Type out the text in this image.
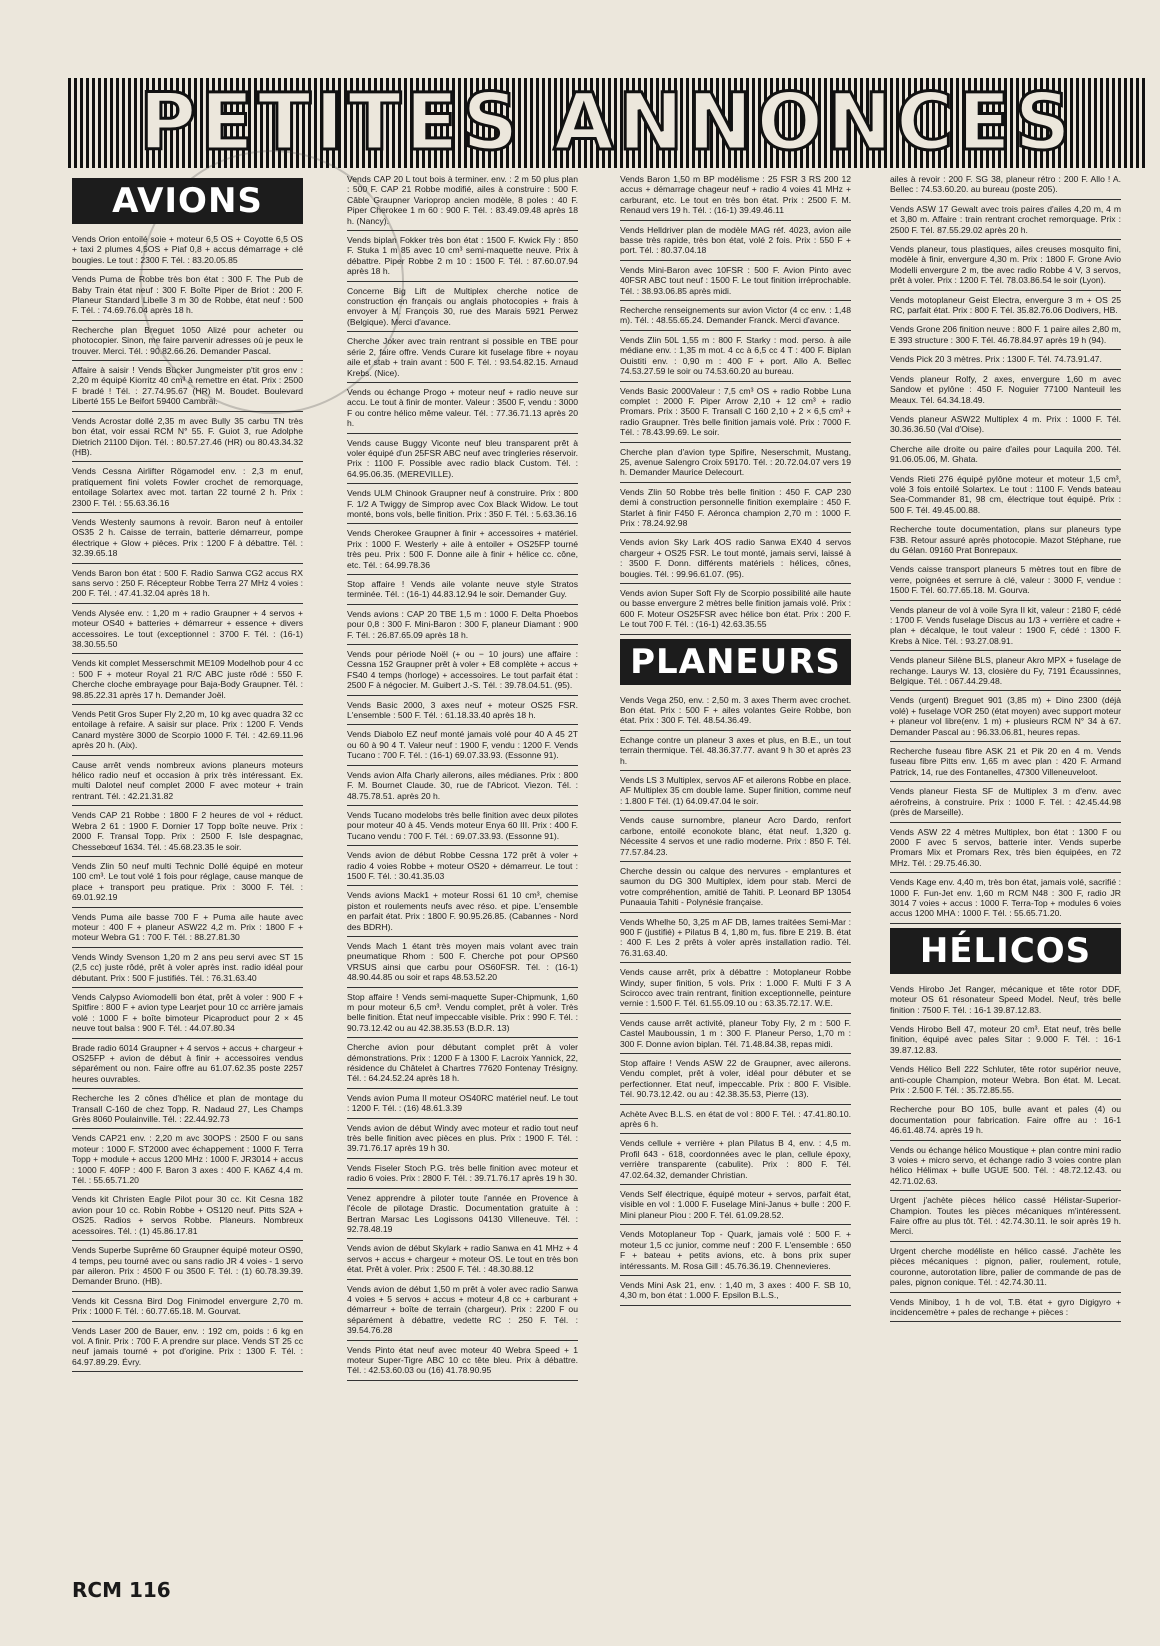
PETITES ANNONCES
AVIONS

Vends Orion entoilé soie + moteur 6,5 OS + Coyotte 6,5 OS + taxi 2 plumes 4,5OS + Piaf 0,8 + accus démarrage + clé bougies. Le tout : 2300 F. Tél. : 83.20.05.85

Vends Puma de Robbe très bon état : 300 F. The Pub de Baby Train état neuf : 300 F. Boîte Piper de Briot : 200 F. Planeur Standard Libelle 3 m 30 de Robbe, état neuf : 500 F. Tél. : 74.69.76.04 après 18 h.

Recherche plan Breguet 1050 Alizé pour acheter ou photocopier. Sinon, me faire parvenir adresses où je peux le trouver. Merci. Tél. : 90.82.66.26. Demander Pascal.

Affaire à saisir ! Vends Bücker Jungmeister p'tit gros env : 2,20 m équipé Kiorritz 40 cm³ à remettre en état. Prix : 2500 F bradé ! Tél. : 27.74.95.67 (HR) M. Boudet. Boulevard Liberté 155 Le Beifort 59400 Cambrai.

Vends Acrostar dollé 2,35 m avec Bully 35 carbu TN très bon état, voir essai RCM N° 55. F. Guiot 3, rue Adolphe Dietrich 21100 Dijon. Tél. : 80.57.27.46 (HR) ou 80.43.34.32 (HB).

Vends Cessna Airlifter Rögamodel env. : 2,3 m enuf, pratiquement fini volets Fowler crochet de remorquage, entoilage Solartex avec mot. tartan 22 tourné 2 h. Prix : 2300 F. Tél. : 55.63.36.16

Vends Westenly saumons à revoir. Baron neuf à entoiler OS35 2 h. Caisse de terrain, batterie démarreur, pompe électrique + Glow + pièces. Prix : 1200 F à débattre. Tél. : 32.39.65.18

Vends Baron bon état : 500 F. Radio Sanwa CG2 accus RX sans servo : 250 F. Récepteur Robbe Terra 27 MHz 4 voies : 200 F. Tél. : 47.41.32.04 après 18 h.

Vends Alysée env. : 1,20 m + radio Graupner + 4 servos + moteur OS40 + batteries + démarreur + essence + divers accessoires. Le tout (exceptionnel : 3700 F. Tél. : (16-1) 38.30.55.50

Vends kit complet Messerschmit ME109 Modelhob pour 4 cc : 500 F + moteur Royal 21 R/C ABC juste rôdé : 550 F. Cherche cloche embrayage pour Baja-Body Graupner. Tél. : 98.85.22.31 après 17 h. Demander Joël.

Vends Petit Gros Super Fly 2,20 m, 10 kg avec quadra 32 cc entoilage à refaire. A saisir sur place. Prix : 1200 F. Vends Canard mystère 3000 de Scorpio 1000 F. Tél. : 42.69.11.96 après 20 h. (Aix).

Cause arrêt vends nombreux avions planeurs moteurs hélico radio neuf et occasion à prix très intéressant. Ex. multi Dalotel neuf complet 2000 F avec moteur + train rentrant. Tél. : 42.21.31.82

Vends CAP 21 Robbe : 1800 F 2 heures de vol + réduct. Webra 2 61 : 1900 F. Dornier 17 Topp boîte neuve. Prix : 2000 F. Transal Topp. Prix : 2500 F. Isle despagnac, Chessebœuf 1634. Tél. : 45.68.23.35 le soir.

Vends Zlin 50 neuf multi Technic Dollé équipé en moteur 100 cm³. Le tout volé 1 fois pour réglage, cause manque de place + transport peu pratique. Prix : 3000 F. Tél. : 69.01.92.19

Vends Puma aile basse 700 F + Puma aile haute avec moteur : 400 F + planeur ASW22 4,2 m. Prix : 1800 F + moteur Webra G1 : 700 F. Tél. : 88.27.81.30

Vends Windy Svenson 1,20 m 2 ans peu servi avec ST 15 (2,5 cc) juste rôdé, prêt à voler après inst. radio idéal pour débutant. Prix : 500 F justifiés. Tél. : 76.31.63.40

Vends Calypso Aviomodelli bon état, prêt à voler : 900 F + Spitfire : 800 F + avion type Learjet pour 10 cc arrière jamais volé : 1000 F + boîte bimoteur Picaproduct pour 2 × 45 neuve tout balsa : 900 F. Tél. : 44.07.80.34

Brade radio 6014 Graupner + 4 servos + accus + chargeur + OS25FP + avion de début à finir + accessoires vendus séparément ou non. Faire offre au 61.07.62.35 poste 2257 heures ouvrables.

Recherche les 2 cônes d'hélice et plan de montage du Transall C-160 de chez Topp. R. Nadaud 27, Les Champs Grès 8060 Poulainville. Tél. : 22.44.92.73

Vends CAP21 env. : 2,20 m avc 30OPS : 2500 F ou sans moteur : 1000 F. ST2000 avec échappement : 1000 F. Terra Topp + module + accus 1200 MHz : 1000 F. JR3014 + accus : 1000 F. 40FP : 400 F. Baron 3 axes : 400 F. KA6Z 4,4 m. Tél. : 55.65.71.20

Vends kit Christen Eagle Pilot pour 30 cc. Kit Cesna 182 avion pour 10 cc. Robin Robbe + OS120 neuf. Pitts S2A + OS25. Radios + servos Robbe. Planeurs. Nombreux acessoires. Tél. : (1) 45.86.17.81

Vends Superbe Suprême 60 Graupner équipé moteur OS90, 4 temps, peu tourné avec ou sans radio JR 4 voies - 1 servo par aileron. Prix : 4500 F ou 3500 F. Tél. : (1) 60.78.39.39. Demander Bruno. (HB).

Vends kit Cessna Bird Dog Finimodel envergure 2,70 m. Prix : 1000 F. Tél. : 60.77.65.18. M. Gourvat.

Vends Laser 200 de Bauer, env. : 192 cm, poids : 6 kg en vol. A finir. Prix : 700 F. A prendre sur place. Vends ST 25 cc neuf jamais tourné + pot d'origine. Prix : 1300 F. Tél. : 64.97.89.29. Évry.

Vends CAP 20 L tout bois à terminer. env. : 2 m 50 plus plan : 500 F. CAP 21 Robbe modifié, ailes à construire : 500 F. Câble Graupner Varioprop ancien modèle, 8 poles : 40 F. Piper Cherokee 1 m 60 : 900 F. Tél. : 83.49.09.48 après 18 h. (Nancy).

Vends biplan Fokker très bon état : 1500 F. Kwick Fly : 850 F. Stuka 1 m 85 avec 10 cm³ semi-maquette neuve. Prix à débattre. Piper Robbe 2 m 10 : 1500 F. Tél. : 87.60.07.94 après 18 h.

Concerne Big Lift de Multiplex cherche notice de construction en français ou anglais photocopies + frais à envoyer à M. François 30, rue des Marais 5921 Perwez (Belgique). Merci d'avance.

Cherche Joker avec train rentrant si possible en TBE pour série 2, faire offre. Vends Curare kit fuselage fibre + noyau aile et stab + train avant : 500 F. Tél. : 93.54.82.15. Arnaud Krebs. (Nice).

Vends ou échange Progo + moteur neuf + radio neuve sur accu. Le tout à finir de monter. Valeur : 3500 F, vendu : 3000 F ou contre hélico même valeur. Tél. : 77.36.71.13 après 20 h.

Vends cause Buggy Viconte neuf bleu transparent prêt à voler équipé d'un 25FSR ABC neuf avec tringleries réservoir. Prix : 1100 F. Possible avec radio black Custom. Tél. : 64.95.06.35. (MEREVILLE).

Vends ULM Chinook Graupner neuf à construire. Prix : 800 F. 1/2 A Twiggy de Simprop avec Cox Black Widow. Le tout monté, bons vols, belle finition. Prix : 350 F. Tél. : 5.63.36.16

Vends Cherokee Graupner à finir + accessoires + matériel. Prix : 1000 F. Westerly + aile à entoiler + OS25FP tourné très peu. Prix : 500 F. Donne aile à finir + hélice cc. cône, etc. Tél. : 64.99.78.36

Stop affaire ! Vends aile volante neuve style Stratos terminée. Tél. : (16-1) 44.83.12.94 le soir. Demander Guy.

Vends avions : CAP 20 TBE 1,5 m : 1000 F. Delta Phoebos pour 0,8 : 300 F. Mini-Baron : 300 F, planeur Diamant : 900 F. Tél. : 26.87.65.09 après 18 h.

Vends pour période Noël (+ ou − 10 jours) une affaire : Cessna 152 Graupner prêt à voler + E8 complète + accus + FS40 4 temps (horloge) + accessoires. Le tout parfait état : 2500 F à négocier. M. Guibert J.-S. Tél. : 39.78.04.51. (95).

Vends Basic 2000, 3 axes neuf + moteur OS25 FSR. L'ensemble : 500 F. Tél. : 61.18.33.40 après 18 h.

Vends Diabolo EZ neuf monté jamais volé pour 40 A 45 2T ou 60 à 90 4 T. Valeur neuf : 1900 F, vendu : 1200 F. Vends Tucano : 700 F. Tél. : (16-1) 69.07.33.93. (Essonne 91).

Vends avion Alfa Charly ailerons, ailes médianes. Prix : 800 F. M. Bournet Claude. 30, rue de l'Abricot. Viezon. Tél. : 48.75.78.51. après 20 h.

Vends Tucano modelobs très belle finition avec deux pilotes pour moteur 40 à 45. Vends moteur Enya 60 III. Prix : 400 F. Tucano vendu : 700 F. Tél. : 69.07.33.93. (Essonne 91).

Vends avion de début Robbe Cessna 172 prêt à voler + radio 4 voies Robbe + moteur OS20 + démarreur. Le tout : 1500 F. Tél. : 30.41.35.03

Vends avions Mack1 + moteur Rossi 61 10 cm³, chemise piston et roulements neufs avec réso. et pipe. L'ensemble en parfait état. Prix : 1800 F. 90.95.26.85. (Cabannes - Nord des BDRH).

Vends Mach 1 étant très moyen mais volant avec train pneumatique Rhom : 500 F. Cherche pot pour OPS60 VRSUS ainsi que carbu pour OS60FSR. Tél. : (16-1) 48.90.44.85 ou soir et raps 48.53.52.20

Stop affaire ! Vends semi-maquette Super-Chipmunk, 1,60 m pour moteur 6,5 cm³. Vendu complet, prêt à voler. Très belle finition. État neuf impeccable visible. Prix : 990 F. Tél. : 90.73.12.42 ou au 42.38.35.53 (B.D.R. 13)

Cherche avion pour débutant complet prêt à voler démonstrations. Prix : 1200 F à 1300 F. Lacroix Yannick, 22, résidence du Châtelet à Chartres 77620 Fontenay Trésigny. Tél. : 64.24.52.24 après 18 h.

Vends avion Puma II moteur OS40RC matériel neuf. Le tout : 1200 F. Tél. : (16) 48.61.3.39

Vends avion de début Windy avec moteur et radio tout neuf très belle finition avec pièces en plus. Prix : 1900 F. Tél. : 39.71.76.17 après 19 h 30.

Vends Fiseler Stoch P.G. très belle finition avec moteur et radio 6 voies. Prix : 2800 F. Tél. : 39.71.76.17 après 19 h 30.

Venez apprendre à piloter toute l'année en Provence à l'école de pilotage Drastic. Documentation gratuite à : Bertran Marsac Les Logissons 04130 Villeneuve. Tél. : 92.78.48.19

Vends avion de début Skylark + radio Sanwa en 41 MHz + 4 servos + accus + chargeur + moteur OS. Le tout en très bon état. Prêt à voler. Prix : 2500 F. Tél. : 48.30.88.12

Vends avion de début 1,50 m prêt à voler avec radio Sanwa 4 voies + 5 servos + accus + moteur 4,8 cc + carburant + démarreur + boîte de terrain (chargeur). Prix : 2200 F ou séparément à débattre, vedette RC : 250 F. Tél. : 39.54.76.28

Vends Pinto état neuf avec moteur 40 Webra Speed + 1 moteur Super-Tigre ABC 10 cc tête bleu. Prix à débattre. Tél. : 42.53.60.03 ou (16) 41.78.90.95

Vends Baron 1,50 m BP modélisme : 25 FSR 3 RS 200 12 accus + démarrage chageur neuf + radio 4 voies 41 MHz + carburant, etc. Le tout en très bon état. Prix : 2500 F. M. Renaud vers 19 h. Tél. : (16-1) 39.49.46.11

Vends Helldriver plan de modèle MAG réf. 4023, avion aile basse très rapide, très bon état, volé 2 fois. Prix : 550 F + port. Tél. : 80.37.04.18

Vends Mini-Baron avec 10FSR : 500 F. Avion Pinto avec 40FSR ABC tout neuf : 1500 F. Le tout finition irréprochable. Tél. : 38.93.06.85 après midi.

Recherche renseignements sur avion Victor (4 cc env. : 1,48 m). Tél. : 48.55.65.24. Demander Franck. Merci d'avance.

Vends Zlin 50L 1,55 m : 800 F. Starky : mod. perso. à aile médiane env. : 1,35 m mot. 4 cc à 6,5 cc 4 T : 400 F. Biplan Ouistiti env. : 0,90 m : 400 F + port. Allo A. Bellec 74.53.27.59 le soir ou 74.53.60.20 au bureau.

Vends Basic 2000Valeur : 7,5 cm³ OS + radio Robbe Luna complet : 2000 F. Piper Arrow 2,10 + 12 cm³ + radio Promars. Prix : 3500 F. Transall C 160 2,10 + 2 × 6,5 cm³ + radio Graupner. Très belle finition jamais volé. Prix : 7000 F. Tél. : 78.43.99.69. Le soir.

Cherche plan d'avion type Spifire, Neserschmit, Mustang, 25, avenue Salengro Croix 59170. Tél. : 20.72.04.07 vers 19 h. Demander Maurice Delecourt.

Vends Zlin 50 Robbe très belle finition : 450 F. CAP 230 demi à construction personnelle finition exemplaire : 450 F. Starlet à finir F450 F. Aéronca champion 2,70 m : 1000 F. Prix : 78.24.92.98

Vends avion Sky Lark 4OS radio Sanwa EX40 4 servos chargeur + OS25 FSR. Le tout monté, jamais servi, laissé à : 3500 F. Donn. différents matériels : hélices, cônes, bougies. Tél. : 99.96.61.07. (95).

Vends avion Super Soft Fly de Scorpio possibilité aile haute ou basse envergure 2 mètres belle finition jamais volé. Prix : 600 F. Moteur OS25FSR avec hélice bon état. Prix : 200 F. Le tout 700 F. Tél. : (16-1) 42.63.35.55

PLANEURS

Vends Vega 250, env. : 2,50 m. 3 axes Therm avec crochet. Bon état. Prix : 500 F + ailes volantes Geire Robbe, bon état. Prix : 300 F. Tél. 48.54.36.49.

Echange contre un planeur 3 axes et plus, en B.E., un tout terrain thermique. Tél. 48.36.37.77. avant 9 h 30 et après 23 h.

Vends LS 3 Multiplex, servos AF et ailerons Robbe en place. AF Multiplex 35 cm double lame. Super finition, comme neuf : 1.800 F Tél. (1) 64.09.47.04 le soir.

Vends cause surnombre, planeur Acro Dardo, renfort carbone, entoilé econokote blanc, état neuf. 1,320 g. Nécessite 4 servos et une radio moderne. Prix : 850 F. Tél. 77.57.84.23.

Cherche dessin ou calque des nervures - emplantures et saumon du DG 300 Multiplex, idem pour stab. Merci de votre compréhention, amitié de Tahiti. P. Leonard BP 13054 Punaauia Tahiti - Polynésie française.

Vends Whelhe 50, 3,25 m AF DB, lames traitées Semi-Mar : 900 F (justifié) + Pilatus B 4, 1,80 m, fus. fibre E 219. B. état : 400 F. Les 2 prêts à voler après installation radio. Tél. 76.31.63.40.

Vends cause arrêt, prix à débattre : Motoplaneur Robbe Windy, super finition, 5 vols. Prix : 1.000 F. Multi F 3 A Scirocco avec train rentrant, finition exceptionnelle, peinture vernie : 1.500 F. Tél. 61.55.09.10 ou : 63.35.72.17. W.E.

Vends cause arrêt activité, planeur Toby Fly, 2 m : 500 F. Castel Mauboussin, 1 m : 300 F. Planeur Perso, 1,70 m : 300 F. Donne avion biplan. Tél. 71.48.84.38, repas midi.

Stop affaire ! Vends ASW 22 de Graupner, avec ailerons. Vendu complet, prêt à voler, idéal pour débuter et se perfectionner. Etat neuf, impeccable. Prix : 800 F. Visible. Tél. 90.73.12.42. ou au : 42.38.35.53, Pierre (13).

Achète Avec B.L.S. en état de vol : 800 F. Tél. : 47.41.80.10. après 6 h.

Vends cellule + verrière + plan Pilatus B 4, env. : 4,5 m. Profil 643 - 618, coordonnées avec le plan, cellule époxy, verrière transparente (cabulite). Prix : 800 F. Tél. 47.02.64.32, demander Christian.

Vends Self électrique, équipé moteur + servos, parfait état, visible en vol : 1.000 F. Fuselage Mini-Janus + bulle : 200 F. Mini planeur Piou : 200 F. Tél. 61.09.28.52.

Vends Motoplaneur Top - Quark, jamais volé : 500 F. + moteur 1,5 cc junior, comme neuf : 200 F. L'ensemble : 650 F + bateau + petits avions, etc. à bons prix super intéressants. M. Rosa Gill : 45.76.36.19. Chennevieres.

Vends Mini Ask 21, env. : 1,40 m, 3 axes : 400 F. SB 10, 4,30 m, bon état : 1.000 F. Epsilon B.L.S.,

ailes à revoir : 200 F. SG 38, planeur rétro : 200 F. Allo ! A. Bellec : 74.53.60.20. au bureau (poste 205).

Vends ASW 17 Gewalt avec trois paires d'ailes 4,20 m, 4 m et 3,80 m. Affaire : train rentrant crochet remorquage. Prix : 2500 F. Tél. 87.55.29.02 après 20 h.

Vends planeur, tous plastiques, ailes creuses mosquito fini, modèle à finir, envergure 4,30 m. Prix : 1800 F. Grone Avio Modelli envergure 2 m, tbe avec radio Robbe 4 V, 3 servos, prêt à voler. Prix : 1200 F. Tél. 78.03.86.54 le soir (Lyon).

Vends motoplaneur Geist Electra, envergure 3 m + OS 25 RC, parfait état. Prix : 800 F. Tél. 35.82.76.06 Dodivers, HB.

Vends Grone 206 finition neuve : 800 F. 1 paire ailes 2,80 m, E 393 structure : 300 F. Tél. 46.78.84.97 après 19 h (94).

Vends Pick 20 3 mètres. Prix : 1300 F. Tél. 74.73.91.47.

Vends planeur Rolfy, 2 axes, envergure 1,60 m avec Sandow et pylône : 450 F. Noguier 77100 Nanteuil les Meaux. Tél. 64.34.18.49.

Vends planeur ASW22 Multiplex 4 m. Prix : 1000 F. Tél. 30.36.36.50 (Val d'Oise).

Cherche aile droite ou paire d'ailes pour Laquila 200. Tél. 91.06.05.06, M. Ghata.

Vends Rieti 276 équipé pylône moteur et moteur 1,5 cm³, volé 3 fois entoilé Solartex. Le tout : 1100 F. Vends bateau Sea-Commander 81, 98 cm, électrique tout équipé. Prix : 500 F. Tél. 49.45.00.88.

Recherche toute documentation, plans sur planeurs type F3B. Retour assuré après photocopie. Mazot Stéphane, rue du Gélan. 09160 Prat Bonrepaux.

Vends caisse transport planeurs 5 mètres tout en fibre de verre, poignées et serrure à clé, valeur : 3000 F, vendue : 1500 F. Tél. 60.77.65.18. M. Gourva.

Vends planeur de vol à voile Syra II kit, valeur : 2180 F, cédé : 1700 F. Vends fuselage Discus au 1/3 + verrière et cadre + plan + décalque, le tout valeur : 1900 F, cédé : 1300 F. Krebs à Nice. Tél. : 93.27.08.91.

Vends planeur Silène BLS, planeur Akro MPX + fuselage de rechange. Laurys W. 13, closière du Fy, 7191 Écaussinnes, Belgique. Tél. : 067.44.29.48.

Vends (urgent) Breguet 901 (3,85 m) + Dino 2300 (déjà volé) + fuselage VOR 250 (état moyen) avec support moteur + planeur vol libre(env. 1 m) + plusieurs RCM N° 34 à 67. Demander Pascal au : 96.33.06.81, heures repas.

Recherche fuseau fibre ASK 21 et Pik 20 en 4 m. Vends fuseau fibre Pitts env. 1,65 m avec plan : 420 F. Armand Patrick, 14, rue des Fontanelles, 47300 Villeneuveloot.

Vends planeur Fiesta SF de Multiplex 3 m d'env. avec aérofreins, à construire. Prix : 1000 F. Tél. : 42.45.44.98 (près de Marseille).

Vends ASW 22 4 mètres Multiplex, bon état : 1300 F ou 2000 F avec 5 servos, batterie inter. Vends superbe Promars Mix et Promars Rex, très bien équipées, en 72 MHz. Tél. : 29.75.46.30.

Vends Kage env. 4,40 m, très bon état, jamais volé, sacrifié : 1000 F. Fun-Jet env. 1,60 m RCM N48 : 300 F, radio JR 3014 7 voies + accus : 1000 F. Terra-Top + modules 6 voies accus 1200 MHA : 1000 F. Tél. : 55.65.71.20.

HÉLICOS

Vends Hirobo Jet Ranger, mécanique et tête rotor DDF, moteur OS 61 résonateur Speed Model. Neuf, très belle finition : 7500 F. Tél. : 16-1 39.87.12.83.

Vends Hirobo Bell 47, moteur 20 cm³. Etat neuf, très belle finition, équipé avec pales Sitar : 9.000 F. Tél. : 16-1 39.87.12.83.

Vends Hélico Bell 222 Schluter, tête rotor supérior neuve, anti-couple Champion, moteur Webra. Bon état. M. Lecat. Prix : 2.500 F. Tél. : 35.72.85.55.

Recherche pour BO 105, bulle avant et pales (4) ou documentation pour fabrication. Faire offre au : 16-1 46.61.48.74. après 19 h.

Vends ou échange hélico Moustique + plan contre mini radio 3 voies + micro servo, et échange radio 3 voies contre plan hélico Hélimax + bulle UGUE 500. Tél. : 48.72.12.43. ou 42.71.02.63.

Urgent j'achète pièces hélico cassé Hélistar-Superior-Champion. Toutes les pièces mécaniques m'intéressent. Faire offre au plus tôt. Tél. : 42.74.30.11. le soir après 19 h. Merci.

Urgent cherche modéliste en hélico cassé. J'achète les pièces mécaniques : pignon, palier, roulement, rotule, couronne, autorotation libre, palier de commande de pas de pales, pignon conique. Tél. : 42.74.30.11.

Vends Miniboy, 1 h de vol, T.B. état + gyro Digigyro + incidencemètre + pales de rechange + pièces :

RCM 116
